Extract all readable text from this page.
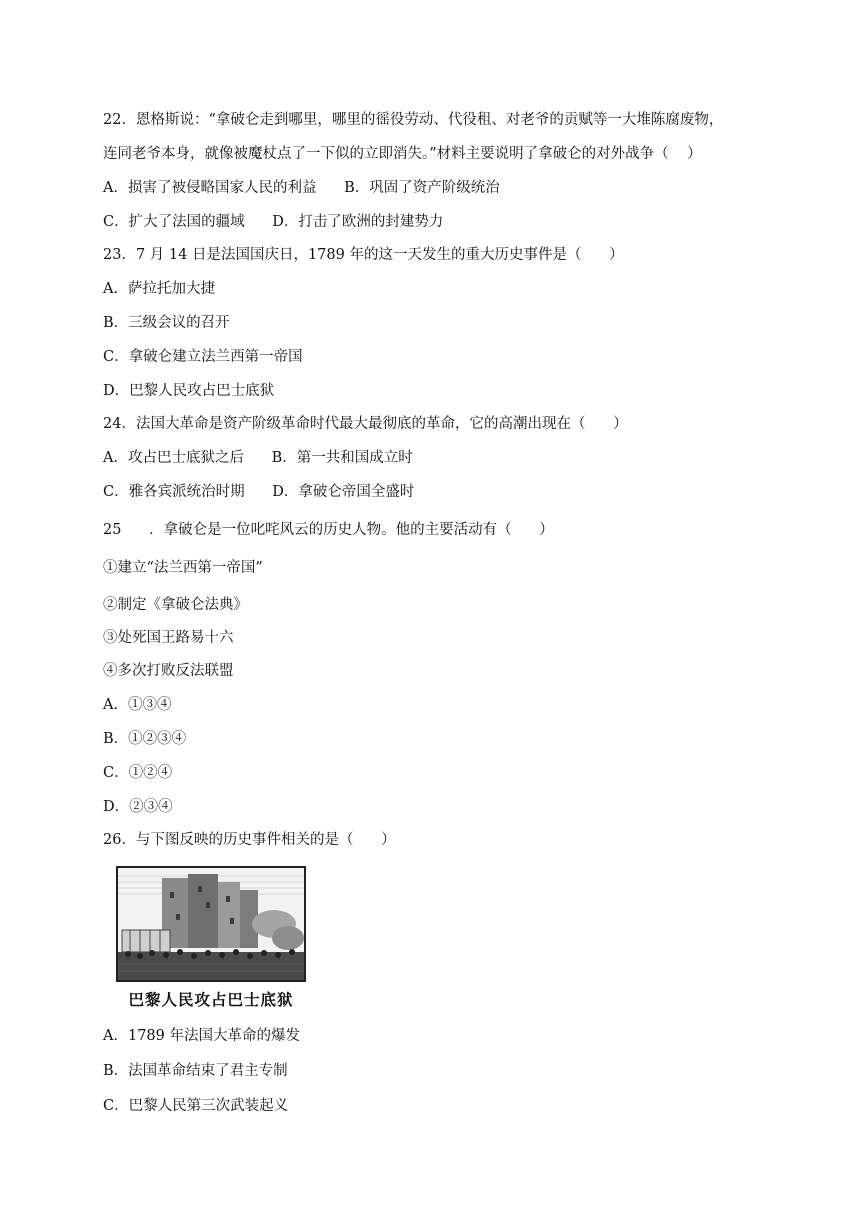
22．恩格斯说：“拿破仑走到哪里，哪里的徭役劳动、代役租、对老爷的贡赋等一大堆陈腐废物，
连同老爷本身，就像被魔杖点了一下似的立即消失。”材料主要说明了拿破仑的对外战争（    ）
A．损害了被侵略国家人民的利益      B．巩固了资产阶级统治
C．扩大了法国的疆域      D．打击了欧洲的封建势力
23．7 月 14 日是法国国庆日，1789 年的这一天发生的重大历史事件是（      ）
A．萨拉托加大捷
B．三级会议的召开
C．拿破仑建立法兰西第一帝国
D．巴黎人民攻占巴士底狱
24．法国大革命是资产阶级革命时代最大最彻底的革命，它的高潮出现在（      ）
A．攻占巴士底狱之后      B．第一共和国成立时
C．雅各宾派统治时期      D．拿破仑帝国全盛时
25      ．拿破仑是一位叱咤风云的历史人物。他的主要活动有（      ）
①建立“法兰西第一帝国”
②制定《拿破仑法典》
③处死国王路易十六
④多次打败反法联盟
A．①③④
B．①②③④
C．①②④
D．②③④
26．与下图反映的历史事件相关的是（      ）
巴黎人民攻占巴士底狱
A．1789 年法国大革命的爆发
B．法国革命结束了君主专制
C．巴黎人民第三次武装起义
